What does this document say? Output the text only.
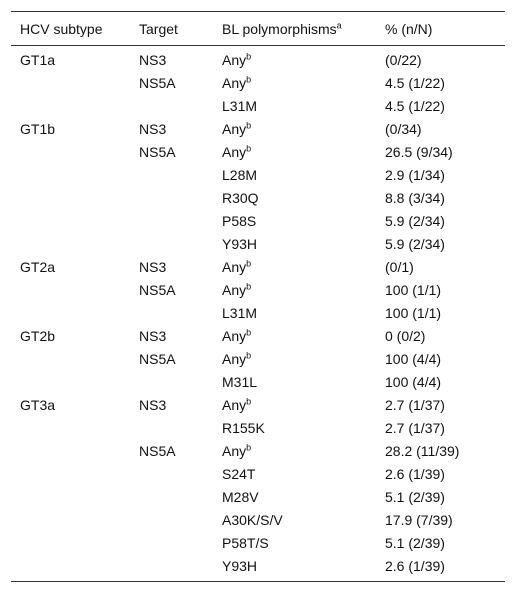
HCV subtype	Target	BL polymorphisms$^a$	% (n/N)
GT1a	NS3	Any$^b$	(0/22)
	NS5A	Any$^b$	4.5 (1/22)
		L31M	4.5 (1/22)
GT1b	NS3	Any$^b$	(0/34)
	NS5A	Any$^b$	26.5 (9/34)
		L28M	2.9 (1/34)
		R30Q	8.8 (3/34)
		P58S	5.9 (2/34)
		Y93H	5.9 (2/34)
GT2a	NS3	Any$^b$	(0/1)
	NS5A	Any$^b$	100 (1/1)
		L31M	100 (1/1)
GT2b	NS3	Any$^b$	0 (0/2)
	NS5A	Any$^b$	100 (4/4)
		M31L	100 (4/4)
GT3a	NS3	Any$^b$	2.7 (1/37)
		R155K	2.7 (1/37)
	NS5A	Any$^b$	28.2 (11/39)
		S24T	2.6 (1/39)
		M28V	5.1 (2/39)
		A30K/S/V	17.9 (7/39)
		P58T/S	5.1 (2/39)
		Y93H	2.6 (1/39)
